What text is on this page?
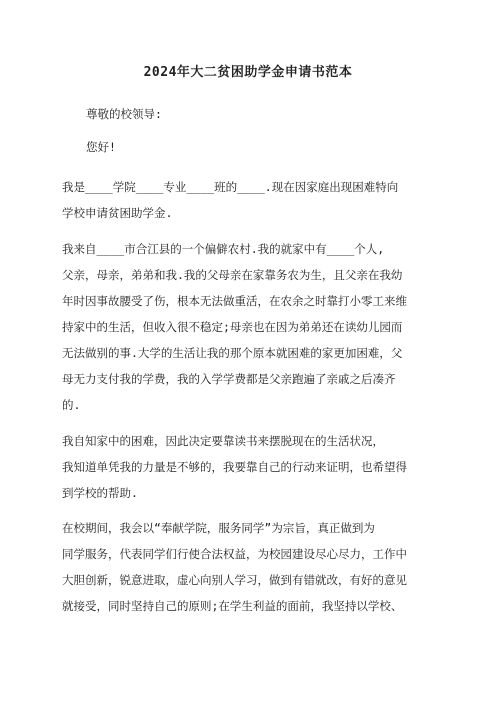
2024年大二贫困助学金申请书范本

尊敬的校领导:

您好!

我是____学院____专业____班的____.现在因家庭出现困难特向
学校申请贫困助学金.
我来自____市合江县的一个偏僻农村.我的就家中有____个人,
父亲，母亲，弟弟和我.我的父母亲在家靠务农为生，且父亲在我幼
年时因事故腰受了伤，根本无法做重活，在农余之时靠打小零工来维
持家中的生活，但收入很不稳定;母亲也在因为弟弟还在读幼儿园而
无法做别的事.大学的生活让我的那个原本就困难的家更加困难，父
母无力支付我的学费，我的入学学费都是父亲跑遍了亲戚之后凑齐
的.
我自知家中的困难，因此决定要靠读书来摆脱现在的生活状况，
我知道单凭我的力量是不够的，我要靠自己的行动来证明，也希望得
到学校的帮助.
在校期间，我会以“奉献学院，服务同学”为宗旨，真正做到为
同学服务，代表同学们行使合法权益，为校园建设尽心尽力，工作中
大胆创新，锐意进取，虚心向别人学习，做到有错就改，有好的意见
就接受，同时坚持自己的原则;在学生利益的面前，我坚持以学校、
